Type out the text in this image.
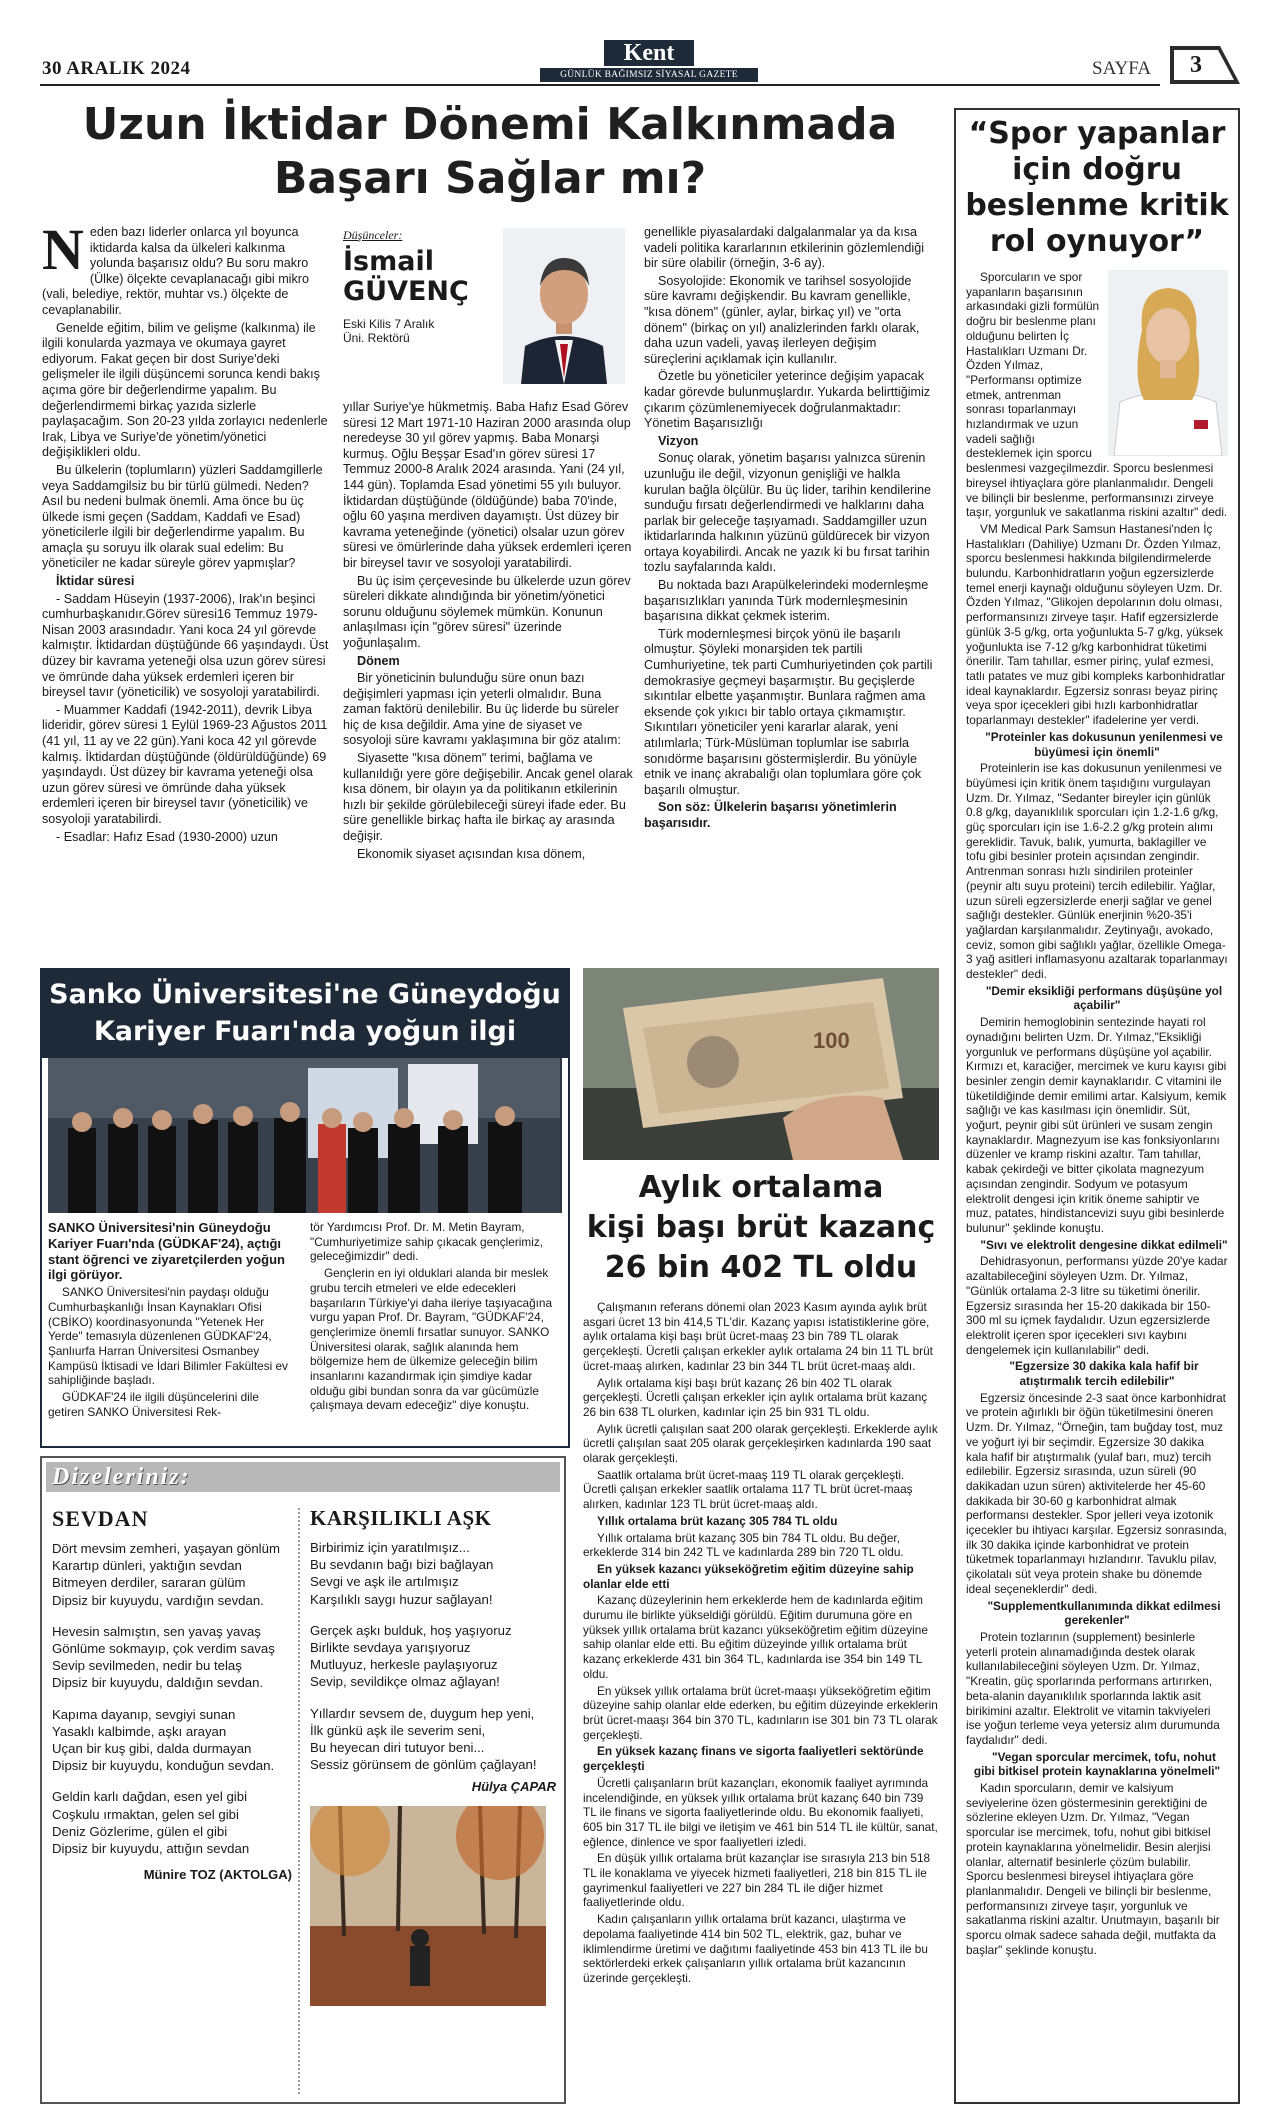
30 ARALIK 2024
Kent
GÜNLÜK BAĞIMSIZ SİYASAL GAZETE	SAYFA 3
Uzun İktidar Dönemi Kalkınmada
Başarı Sağlar mı?
N eden bazı liderler onlarca yıl boyunca iktidarda kalsa da ülkeleri kalkınma yolunda başarısız oldu? Bu soru makro (Ülke) ölçekte cevaplanacağı gibi mikro (vali, belediye, rektör, muhtar vs.) ölçekte de cevaplanabilir.

Genelde eğitim, bilim ve gelişme (kalkınma) ile ilgili konularda yazmaya ve okumaya gayret ediyorum. Fakat geçen bir dost Suriye'deki gelişmeler ile ilgili düşüncemi sorunca kendi bakış açıma göre bir değerlendirme yapalım. Bu değerlendirmemi birkaç yazıda sizlerle paylaşacağım. Son 20-23 yılda zorlayıcı nedenlerle Irak, Libya ve Suriye'de yönetim/yönetici değişiklikleri oldu.

Bu ülkelerin (toplumların) yüzleri Saddamgillerle veya Saddamgilsiz bu bir türlü gülmedi. Neden? Asıl bu nedeni bulmak önemli. Ama önce bu üç ülkede ismi geçen (Saddam, Kaddafi ve Esad) yöneticilerle ilgili bir değerlendirme yapalım. Bu amaçla şu soruyu ilk olarak sual edelim: Bu yöneticiler ne kadar süreyle görev yapmışlar?

İktidar süresi

- Saddam Hüseyin (1937-2006), Irak'ın beşinci cumhurbaşkanıdır.Görev süresi16 Temmuz 1979- Nisan 2003 arasındadır. Yani koca 24 yıl görevde kalmıştır. İktidardan düştüğünde 66 yaşındaydı. Üst düzey bir kavrama yeteneği olsa uzun görev süresi ve ömründe daha yüksek erdemleri içeren bir bireysel tavır (yöneticilik) ve sosyoloji yaratabilirdi.

- Muammer Kaddafi (1942-2011), devrik Libya lideridir, görev süresi 1 Eylül 1969-23 Ağustos 2011 (41 yıl, 11 ay ve 22 gün).Yani koca 42 yıl görevde kalmış. İktidardan düştüğünde (öldürüldüğünde) 69 yaşındaydı. Üst düzey bir kavrama yeteneği olsa uzun görev süresi ve ömründe daha yüksek erdemleri içeren bir bireysel tavır (yöneticilik) ve sosyoloji yaratabilirdi.

- Esadlar: Hafız Esad (1930-2000) uzun

Düşünceler:
İsmail
GÜVENÇ
Eski Kilis 7 Aralık
Üni. Rektörü

yıllar Suriye'ye hükmetmiş. Baba Hafız Esad Görev süresi 12 Mart 1971-10 Haziran 2000 arasında olup neredeyse 30 yıl görev yapmış. Baba Monarşi kurmuş. Oğlu Beşşar Esad'ın görev süresi 17 Temmuz 2000-8 Aralık 2024 arasında. Yani (24 yıl, 144 gün). Toplamda Esad yönetimi 55 yılı buluyor. İktidardan düştüğünde (öldüğünde) baba 70'inde, oğlu 60 yaşına merdiven dayamıştı. Üst düzey bir kavrama yeteneğinde (yönetici) olsalar uzun görev süresi ve ömürlerinde daha yüksek erdemleri içeren bir bireysel tavır ve sosyoloji yaratabilirdi.

Bu üç isim çerçevesinde bu ülkelerde uzun görev süreleri dikkate alındığında bir yönetim/yönetici sorunu olduğunu söylemek mümkün. Konunun anlaşılması için "görev süresi" üzerinde yoğunlaşalım.

Dönem

Bir yöneticinin bulunduğu süre onun bazı değişimleri yapması için yeterli olmalıdır. Buna zaman faktörü denilebilir. Bu üç liderde bu süreler hiç de kısa değildir. Ama yine de siyaset ve sosyoloji süre kavramı yaklaşımına bir göz atalım:

Siyasette "kısa dönem" terimi, bağlama ve kullanıldığı yere göre değişebilir. Ancak genel olarak kısa dönem, bir olayın ya da politikanın etkilerinin hızlı bir şekilde görülebileceği süreyi ifade eder. Bu süre genellikle birkaç hafta ile birkaç ay arasında değişir.

Ekonomik siyaset açısından kısa dönem,

genellikle piyasalardaki dalgalanmalar ya da kısa vadeli politika kararlarının etkilerinin gözlemlendiği bir süre olabilir (örneğin, 3-6 ay).

Sosyolojide: Ekonomik ve tarihsel sosyolojide süre kavramı değişkendir. Bu kavram genellikle, "kısa dönem" (günler, aylar, birkaç yıl) ve "orta dönem" (birkaç on yıl) analizlerinden farklı olarak, daha uzun vadeli, yavaş ilerleyen değişim süreçlerini açıklamak için kullanılır.

Özetle bu yöneticiler yeterince değişim yapacak kadar görevde bulunmuşlardır. Yukarda belirttiğimiz çıkarım çözümlenemiyecek doğrulanmaktadır: Yönetim Başarısızlığı

Vizyon

Sonuç olarak, yönetim başarısı yalnızca sürenin uzunluğu ile değil, vizyonun genişliği ve halkla kurulan bağla ölçülür. Bu üç lider, tarihin kendilerine sunduğu fırsatı değerlendirmedi ve halklarını daha parlak bir geleceğe taşıyamadı. Saddamgiller uzun iktidarlarında halkının yüzünü güldürecek bir vizyon ortaya koyabilirdi. Ancak ne yazık ki bu fırsat tarihin tozlu sayfalarında kaldı.

Bu noktada bazı Arapülkelerindeki modernleşme başarısızlıkları yanında Türk modernleşmesinin başarısına dikkat çekmek isterim.

Türk modernleşmesi birçok yönü ile başarılı olmuştur. Şöyleki monarşiden tek partili Cumhuriyetine, tek parti Cumhuriyetinden çok partili demokrasiye geçmeyi başarmıştır. Bu geçişlerde sıkıntılar elbette yaşanmıştır. Bunlara rağmen ama eksende çok yıkıcı bir tablo ortaya çıkmamıştır. Sıkıntıları yöneticiler yeni kararlar alarak, yeni atılımlarla; Türk-Müslüman toplumlar ise sabırla sonıdörme başarısını göstermişlerdir. Bu yönüyle etnik ve inanç akrabalığı olan toplumlara göre çok başarılı olmuştur.

Son söz: Ülkelerin başarısı yönetimlerin başarısıdır.

“Spor yapanlar
için doğru
beslenme kritik
rol oynuyor”

Sporcuların ve spor yapanların başarısının arkasındaki gizli formülün doğru bir beslenme planı olduğunu belirten İç Hastalıkları Uzmanı Dr. Özden Yılmaz, "Performansı optimize etmek, antrenman sonrası toparlanmayı hızlandırmak ve uzun vadeli sağlığı desteklemek için sporcu beslenmesi vazgeçilmezdir. Sporcu beslenmesi bireysel ihtiyaçlara göre planlanmalıdır. Dengeli ve bilinçli bir beslenme, performansınızı zirveye taşır, yorgunluk ve sakatlanma riskini azaltır" dedi.

VM Medical Park Samsun Hastanesi'nden İç Hastalıkları (Dahiliye) Uzmanı Dr. Özden Yılmaz, sporcu beslenmesi hakkında bilgilendirmelerde bulundu. Karbonhidratların yoğun egzersizlerde temel enerji kaynağı olduğunu söyleyen Uzm. Dr. Özden Yılmaz, "Glikojen depolarının dolu olması, performansınızı zirveye taşır. Hafif egzersizlerde günlük 3-5 g/kg, orta yoğunlukta 5-7 g/kg, yüksek yoğunlukta ise 7-12 g/kg karbonhidrat tüketimi önerilir. Tam tahıllar, esmer pirinç, yulaf ezmesi, tatlı patates ve muz gibi kompleks karbonhidratlar ideal kaynaklardır. Egzersiz sonrası beyaz pirinç veya spor içecekleri gibi hızlı karbonhidratlar toparlanmayı destekler" ifadelerine yer verdi.

"Proteinler kas dokusunun yenilenmesi ve büyümesi için önemli"

Proteinlerin ise kas dokusunun yenilenmesi ve büyümesi için kritik önem taşıdığını vurgulayan Uzm. Dr. Yılmaz, "Sedanter bireyler için günlük 0.8 g/kg, dayanıklılık sporcuları için 1.2-1.6 g/kg, güç sporcuları için ise 1.6-2.2 g/kg protein alımı gereklidir. Tavuk, balık, yumurta, baklagiller ve tofu gibi besinler protein açısından zengindir. Antrenman sonrası hızlı sindirilen proteinler (peynir altı suyu proteini) tercih edilebilir. Yağlar, uzun süreli egzersizlerde enerji sağlar ve genel sağlığı destekler. Günlük enerjinin %20-35'i yağlardan karşılanmalıdır. Zeytinyağı, avokado, ceviz, somon gibi sağlıklı yağlar, özellikle Omega-3 yağ asitleri inflamasyonu azaltarak toparlanmayı destekler" dedi.

"Demir eksikliği performans düşüşüne yol açabilir"

Demirin hemoglobinin sentezinde hayati rol oynadığını belirten Uzm. Dr. Yılmaz,"Eksikliği yorgunluk ve performans düşüşüne yol açabilir. Kırmızı et, karaciğer, mercimek ve kuru kayısı gibi besinler zengin demir kaynaklarıdır. C vitamini ile tüketildiğinde demir emilimi artar. Kalsiyum, kemik sağlığı ve kas kasılması için önemlidir. Süt, yoğurt, peynir gibi süt ürünleri ve susam zengin kaynaklardır. Magnezyum ise kas fonksiyonlarını düzenler ve kramp riskini azaltır. Tam tahıllar, kabak çekirdeği ve bitter çikolata magnezyum açısından zengindir. Sodyum ve potasyum elektrolit dengesi için kritik öneme sahiptir ve muz, patates, hindistancevizi suyu gibi besinlerde bulunur" şeklinde konuştu.

"Sıvı ve elektrolit dengesine dikkat edilmeli"

Dehidrasyonun, performansı yüzde 20'ye kadar azaltabileceğini söyleyen Uzm. Dr. Yılmaz, "Günlük ortalama 2-3 litre su tüketimi önerilir. Egzersiz sırasında her 15-20 dakikada bir 150-300 ml su içmek faydalıdır. Uzun egzersizlerde elektrolit içeren spor içecekleri sıvı kaybını dengelemek için kullanılabilir" dedi.

"Egzersize 30 dakika kala hafif bir atıştırmalık tercih edilebilir"

Egzersiz öncesinde 2-3 saat önce karbonhidrat ve protein ağırlıklı bir öğün tüketilmesini öneren Uzm. Dr. Yılmaz, "Örneğin, tam buğday tost, muz ve yoğurt iyi bir seçimdir. Egzersize 30 dakika kala hafif bir atıştırmalık (yulaf barı, muz) tercih edilebilir. Egzersiz sırasında, uzun süreli (90 dakikadan uzun süren) aktivitelerde her 45-60 dakikada bir 30-60 g karbonhidrat almak performansı destekler. Spor jelleri veya izotonik içecekler bu ihtiyacı karşılar. Egzersiz sonrasında, ilk 30 dakika içinde karbonhidrat ve protein tüketmek toparlanmayı hızlandırır. Tavuklu pilav, çikolatalı süt veya protein shake bu dönemde ideal seçeneklerdir" dedi.

"Supplementkullanımında dikkat edilmesi gerekenler"

Protein tozlarının (supplement) besinlerle yeterli protein alınamadığında destek olarak kullanılabileceğini söyleyen Uzm. Dr. Yılmaz, "Kreatin, güç sporlarında performans artırırken, beta-alanin dayanıklılık sporlarında laktik asit birikimini azaltır. Elektrolit ve vitamin takviyeleri ise yoğun terleme veya yetersiz alım durumunda faydalıdır" dedi.

"Vegan sporcular mercimek, tofu, nohut gibi bitkisel protein kaynaklarına yönelmeli"

Kadın sporcuların, demir ve kalsiyum seviyelerine özen göstermesinin gerektiğini de sözlerine ekleyen Uzm. Dr. Yılmaz, "Vegan sporcular ise mercimek, tofu, nohut gibi bitkisel protein kaynaklarına yönelmelidir. Besin alerjisi olanlar, alternatif besinlerle çözüm bulabilir. Sporcu beslenmesi bireysel ihtiyaçlara göre planlanmalıdır. Dengeli ve bilinçli bir beslenme, performansınızı zirveye taşır, yorgunluk ve sakatlanma riskini azaltır. Unutmayın, başarılı bir sporcu olmak sadece sahada değil, mutfakta da başlar" şeklinde konuştu.

Sanko Üniversitesi'ne Güneydoğu
Kariyer Fuarı'nda yoğun ilgi

SANKO Üniversitesi'nin Güneydoğu Kariyer Fuarı'nda (GÜDKAF'24), açtığı stant öğrenci ve ziyaretçilerden yoğun ilgi görüyor.

SANKO Üniversitesi'nin paydaşı olduğu Cumhurbaşkanlığı İnsan Kaynakları Ofisi (CBİKO) koordinasyonunda "Yetenek Her Yerde" temasıyla düzenlenen GÜDKAF'24, Şanlıurfa Harran Üniversitesi Osmanbey Kampüsü İktisadi ve İdari Bilimler Fakültesi ev sahipliğinde başladı.

GÜDKAF'24 ile ilgili düşüncelerini dile getiren SANKO Üniversitesi Rek-

tör Yardımcısı Prof. Dr. M. Metin Bayram, "Cumhuriyetimize sahip çıkacak gençlerimiz, geleceğimizdir" dedi.

Gençlerin en iyi olduklari alanda bir meslek grubu tercih etmeleri ve elde edecekleri başarıların Türkiye'yi daha ileriye taşıyacağına vurgu yapan Prof. Dr. Bayram, "GÜDKAF'24, gençlerimize önemli fırsatlar sunuyor. SANKO Üniversitesi olarak, sağlık alanında hem bölgemize hem de ülkemize geleceğin bilim insanlarını kazandırmak için şimdiye kadar olduğu gibi bundan sonra da var gücümüzle çalışmaya devam edeceğiz" diye konuştu.

100
Aylık ortalama
kişi başı brüt kazanç
26 bin 402 TL oldu

Çalışmanın referans dönemi olan 2023 Kasım ayında aylık brüt asgari ücret 13 bin 414,5 TL'dir. Kazanç yapısı istatistiklerine göre, aylık ortalama kişi başı brüt ücret-maaş 23 bin 789 TL olarak gerçekleşti. Ücretli çalışan erkekler aylık ortalama 24 bin 11 TL brüt ücret-maaş alırken, kadınlar 23 bin 344 TL brüt ücret-maaş aldı.

Aylık ortalama kişi başı brüt kazanç 26 bin 402 TL olarak gerçekleşti. Ücretli çalışan erkekler için aylık ortalama brüt kazanç 26 bin 638 TL olurken, kadınlar için 25 bin 931 TL oldu.

Aylık ücretli çalışılan saat 200 olarak gerçekleşti. Erkeklerde aylık ücretli çalışılan saat 205 olarak gerçekleşirken kadınlarda 190 saat olarak gerçekleşti.

Saatlik ortalama brüt ücret-maaş 119 TL olarak gerçekleşti. Ücretli çalışan erkekler saatlik ortalama 117 TL brüt ücret-maaş alırken, kadınlar 123 TL brüt ücret-maaş aldı.

Yıllık ortalama brüt kazanç 305 784 TL oldu

Yıllık ortalama brüt kazanç 305 bin 784 TL oldu. Bu değer, erkeklerde 314 bin 242 TL ve kadınlarda 289 bin 720 TL oldu.

En yüksek kazancı yükseköğretim eğitim düzeyine sahip olanlar elde etti

Kazanç düzeylerinin hem erkeklerde hem de kadınlarda eğitim durumu ile birlikte yükseldiği görüldü. Eğitim durumuna göre en yüksek yıllık ortalama brüt kazancı yükseköğretim eğitim düzeyine sahip olanlar elde etti. Bu eğitim düzeyinde yıllık ortalama brüt kazanç erkeklerde 431 bin 364 TL, kadınlarda ise 354 bin 149 TL oldu.

En yüksek yıllık ortalama brüt ücret-maaşı yükseköğretim eğitim düzeyine sahip olanlar elde ederken, bu eğitim düzeyinde erkeklerin brüt ücret-maaşı 364 bin 370 TL, kadınların ise 301 bin 73 TL olarak gerçekleşti.

En yüksek kazanç finans ve sigorta faaliyetleri sektöründe gerçekleşti

Ücretli çalışanların brüt kazançları, ekonomik faaliyet ayrımında incelendiğinde, en yüksek yıllık ortalama brüt kazanç 640 bin 739 TL ile finans ve sigorta faaliyetlerinde oldu. Bu ekonomik faaliyeti, 605 bin 317 TL ile bilgi ve iletişim ve 461 bin 514 TL ile kültür, sanat, eğlence, dinlence ve spor faaliyetleri izledi.

En düşük yıllık ortalama brüt kazançlar ise sırasıyla 213 bin 518 TL ile konaklama ve yiyecek hizmeti faaliyetleri, 218 bin 815 TL ile gayrimenkul faaliyetleri ve 227 bin 284 TL ile diğer hizmet faaliyetlerinde oldu.

Kadın çalışanların yıllık ortalama brüt kazancı, ulaştırma ve depolama faaliyetinde 414 bin 502 TL, elektrik, gaz, buhar ve iklimlendirme üretimi ve dağıtımı faaliyetinde 453 bin 413 TL ile bu sektörlerdeki erkek çalışanların yıllık ortalama brüt kazancının üzerinde gerçekleşti.

Dizeleriniz:
SEVDAN
Dört mevsim zemheri, yaşayan gönlüm
Karartıp dünleri, yaktığın sevdan
Bitmeyen derdiler, sararan gülüm
Dipsiz bir kuyuydu, vardığın sevdan.
Hevesin salmıştın, sen yavaş yavaş
Gönlüme sokmayıp, çok verdim savaş
Sevip sevilmeden, nedir bu telaş
Dipsiz bir kuyuydu, daldığın sevdan.
Kapıma dayanıp, sevgiyi sunan
Yasaklı kalbimde, aşkı arayan
Uçan bir kuş gibi, dalda durmayan
Dipsiz bir kuyuydu, konduğun sevdan.
Geldin karlı dağdan, esen yel gibi
Coşkulu ırmaktan, gelen sel gibi
Deniz Gözlerime, gülen el gibi
Dipsiz bir kuyuydu, attığın sevdan
Münire TOZ (AKTOLGA)
KARŞILIKLI AŞK
Birbirimiz için yaratılmışız...
Bu sevdanın bağı bizi bağlayan
Sevgi ve aşk ile artılmışız
Karşılıklı saygı huzur sağlayan!
Gerçek aşkı bulduk, hoş yaşıyoruz
Birlikte sevdaya yarışıyoruz
Mutluyuz, herkesle paylaşıyoruz
Sevip, sevildikçe olmaz ağlayan!
Yıllardır sevsem de, duygum hep yeni,
İlk günkü aşk ile severim seni,
Bu heyecan diri tutuyor beni...
Sessiz görünsem de gönlüm çağlayan!
Hülya ÇAPAR
